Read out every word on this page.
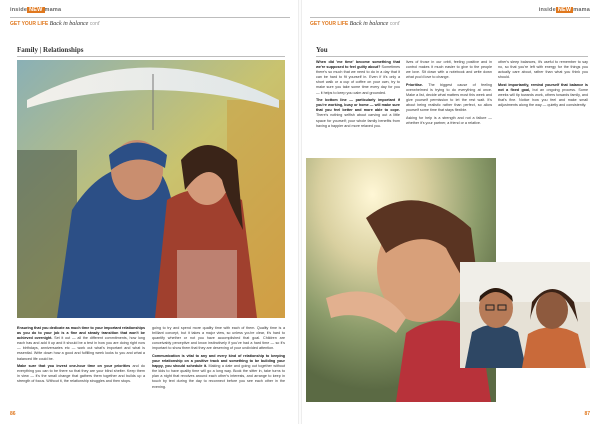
inside NEW mama
GET YOUR LIFE Back in balance cont'
Family | Relationships

Ensuring that you dedicate as much time to your important relationships as you do to your job is a fine and steady transition that won't be achieved overnight. Set it out — all the different commitments, how long each has and add it up and it should be a test in how you are doing right now — birthdays, anniversaries etc — work out what's important and what is essential. Write down how a good and fulfilling week looks to you and what a balanced life could be.

Make sure that you invest one-hour time on your priorities and do everything you can to be there so that they are your blind shelter. Keep them in view — it's the small change that gathers them together and builds up a strength of focus. Without it, the relationship struggles and then stops.

going to try and spend more quality time with each of them. Quality time is a brilliant concept, but it takes a major view, so unless you're clear, it's hard to quantify whether or not you have accomplished that goal. Children are conceivably perceptive and know instinctively if you've had a hard time — so it's important to show them that they are deserving of your undivided attention.

Communication is vital to any and every kind of relationship to keeping your relationship on a positive track and something to be building your happy, you should schedule it. Making a date and going out together without the kids to have quality time will go a long way. Book the sitter in, take turns to plan a night that revolves around each other's interests, and arrange to keep in touch by text during the day to reconnect before you see each other in the evening.

86
inside NEW mama
GET YOUR LIFE Back in balance cont'
You

When did 'me time' become something that we're supposed to feel guilty about? Sometimes there's so much that we need to do in a day that it can be hard to fit yourself in. Even if it's only a short walk or a cup of coffee on your own, try to make sure you take some time every day for you — it helps to keep you calm and grounded.

The bottom line — particularly important if you're working, busy or home — will make sure that you feel better and more able to cope. There's nothing selfish about carving out a little space for yourself; your whole family benefits from having a happier and more relaxed you.

lives of those in our orbit, feeling positive and in control makes it much easier to give to the people we love. Sit down with a notebook and write down what you'd love to change.

Prioritise. The biggest cause of feeling overwhelmed is trying to do everything at once. Make a list, decide what matters most this week and give yourself permission to let the rest wait. It's about being realistic rather than perfect, so allow yourself some time that stays flexible.

Asking for help is a strength and not a failure — whether it's your partner, a friend or a relative.

other's sleep balances, it's useful to remember to say no, so that you're left with energy for the things you actually care about, rather than what you think you should.

Most importantly, remind yourself that balance is not a fixed goal, but an ongoing process. Some weeks will tip towards work, others towards family, and that's fine. Notice how you feel and make small adjustments along the way — quietly and consistently.

87
